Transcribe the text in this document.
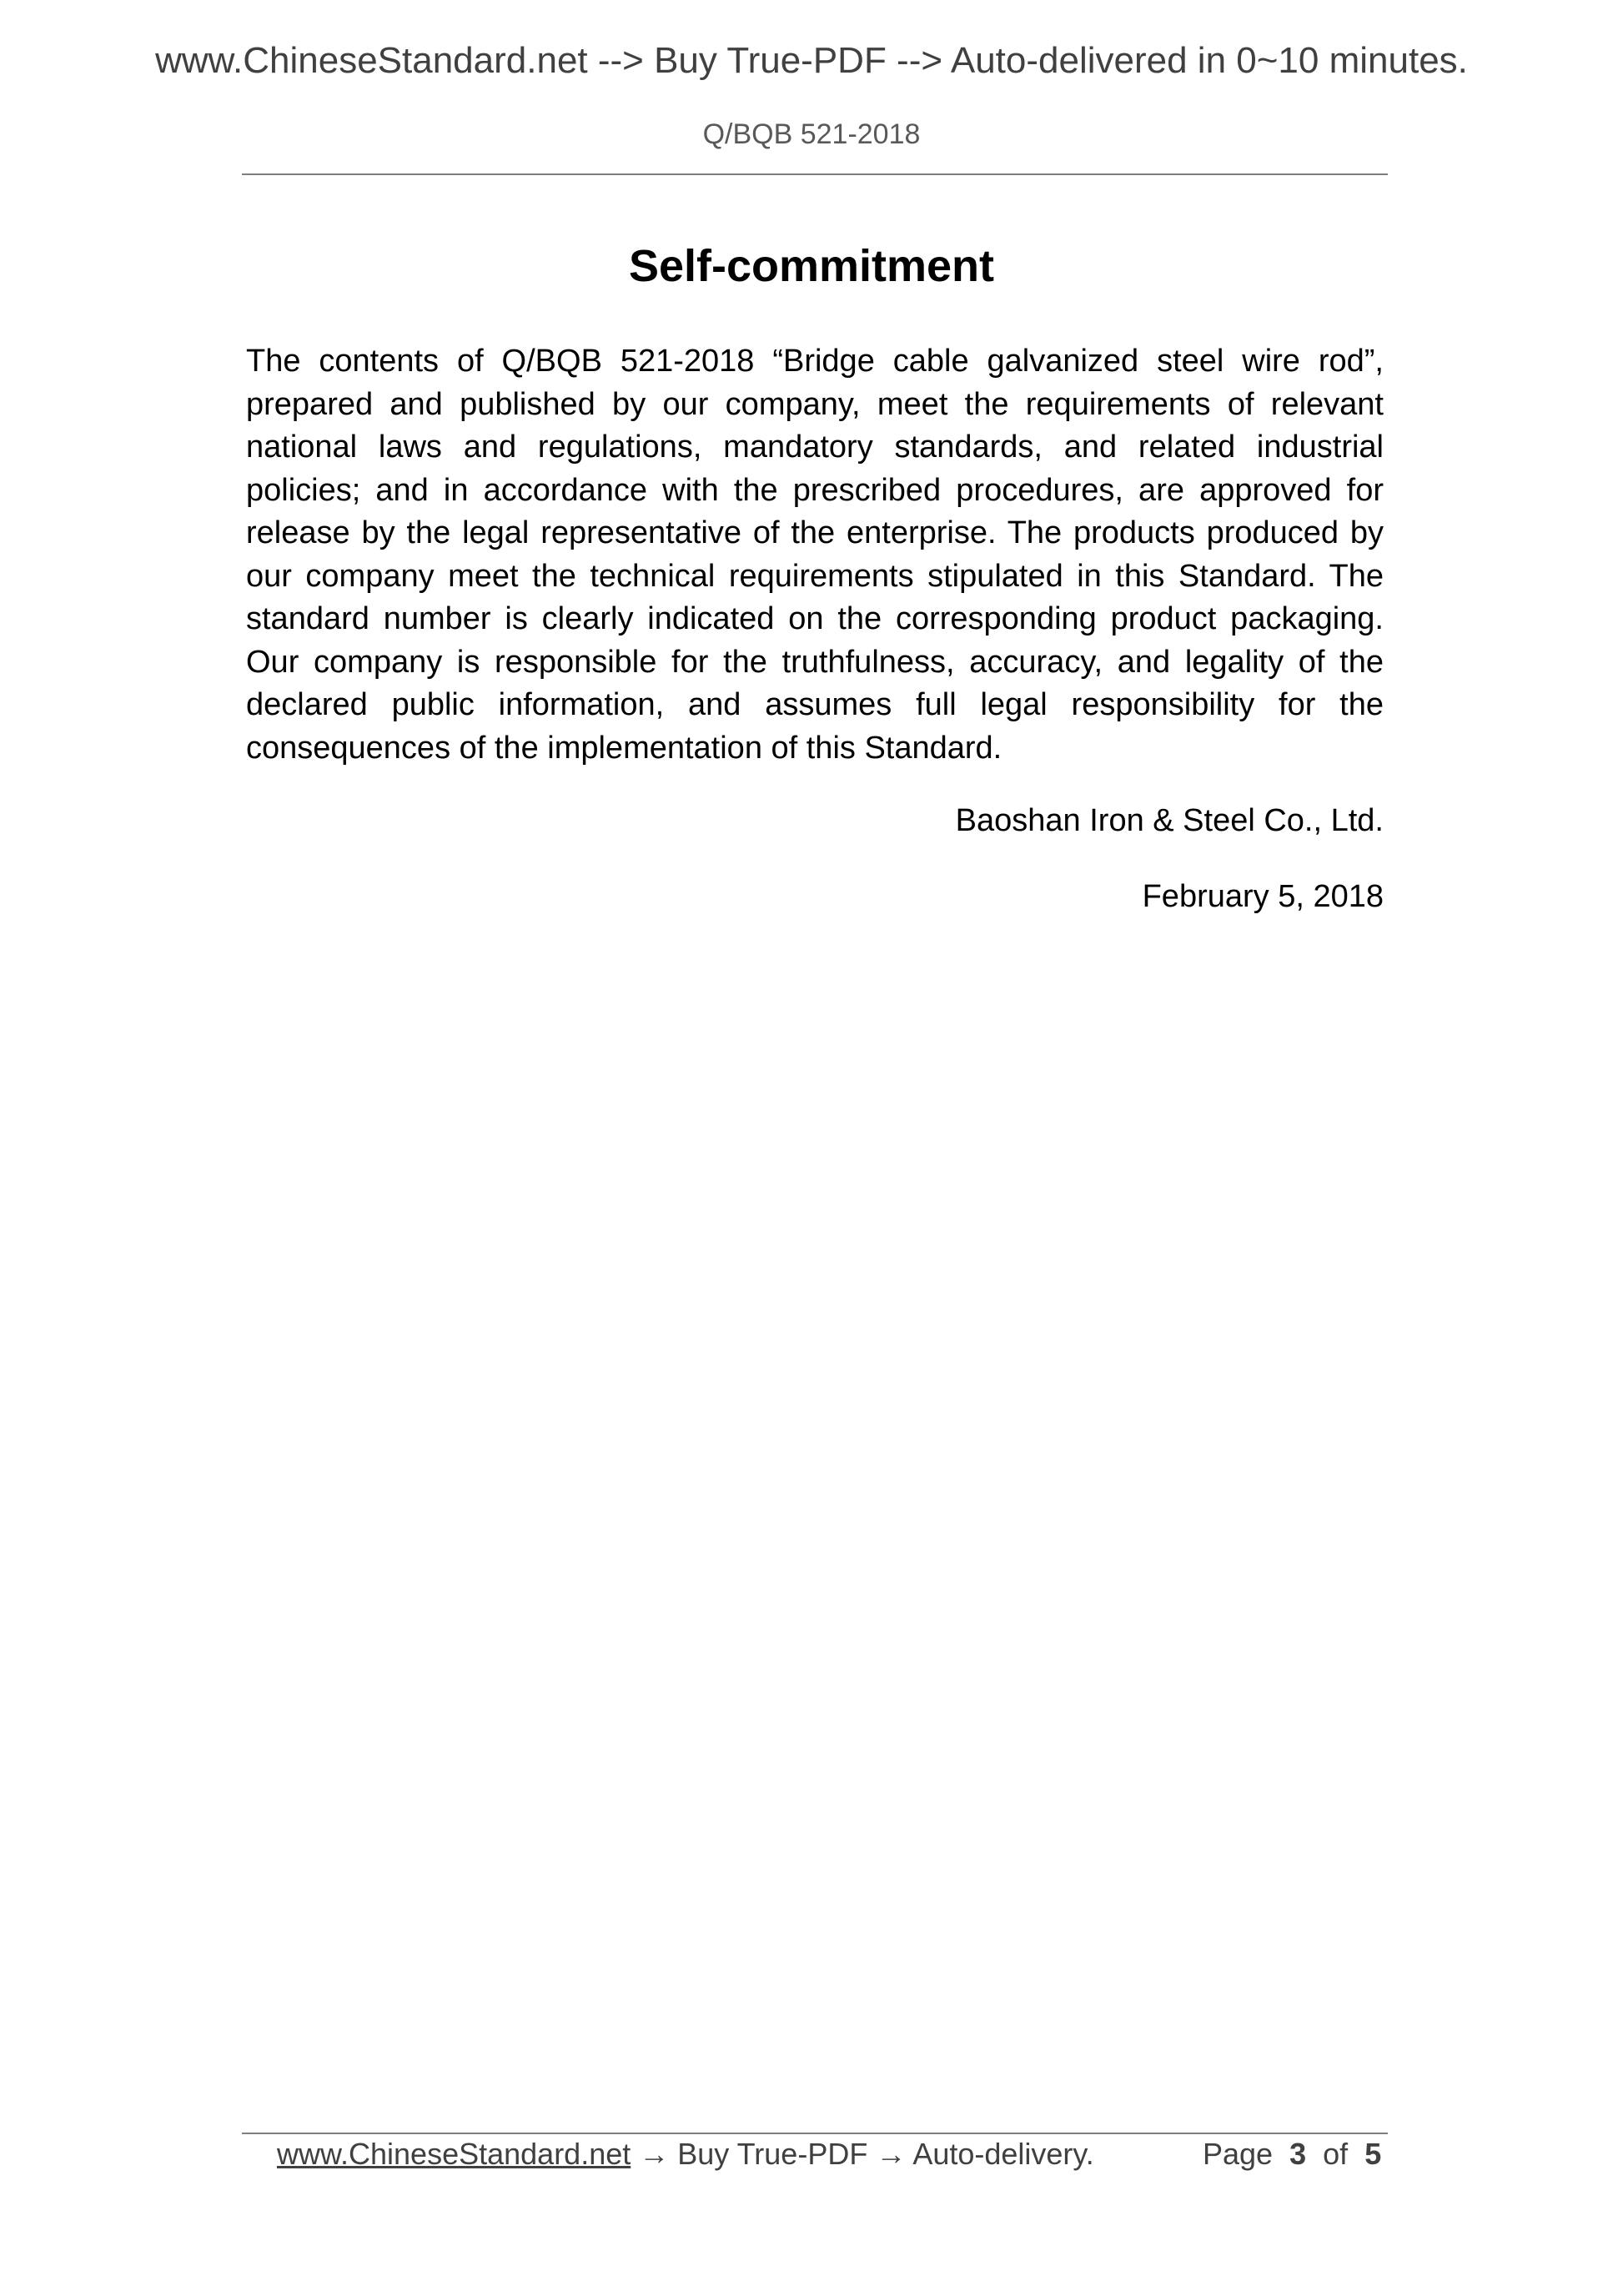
www.ChineseStandard.net --> Buy True-PDF --> Auto-delivered in 0~10 minutes.
Q/BQB 521-2018
Self-commitment
The contents of Q/BQB 521-2018 “Bridge cable galvanized steel wire rod”, prepared and published by our company, meet the requirements of relevant national laws and regulations, mandatory standards, and related industrial policies; and in accordance with the prescribed procedures, are approved for release by the legal representative of the enterprise. The products produced by our company meet the technical requirements stipulated in this Standard. The standard number is clearly indicated on the corresponding product packaging. Our company is responsible for the truthfulness, accuracy, and legality of the declared public information, and assumes full legal responsibility for the consequences of the implementation of this Standard.
Baoshan Iron & Steel Co., Ltd.
February 5, 2018
www.ChineseStandard.net → Buy True-PDF → Auto-delivery.	Page 3 of 5
